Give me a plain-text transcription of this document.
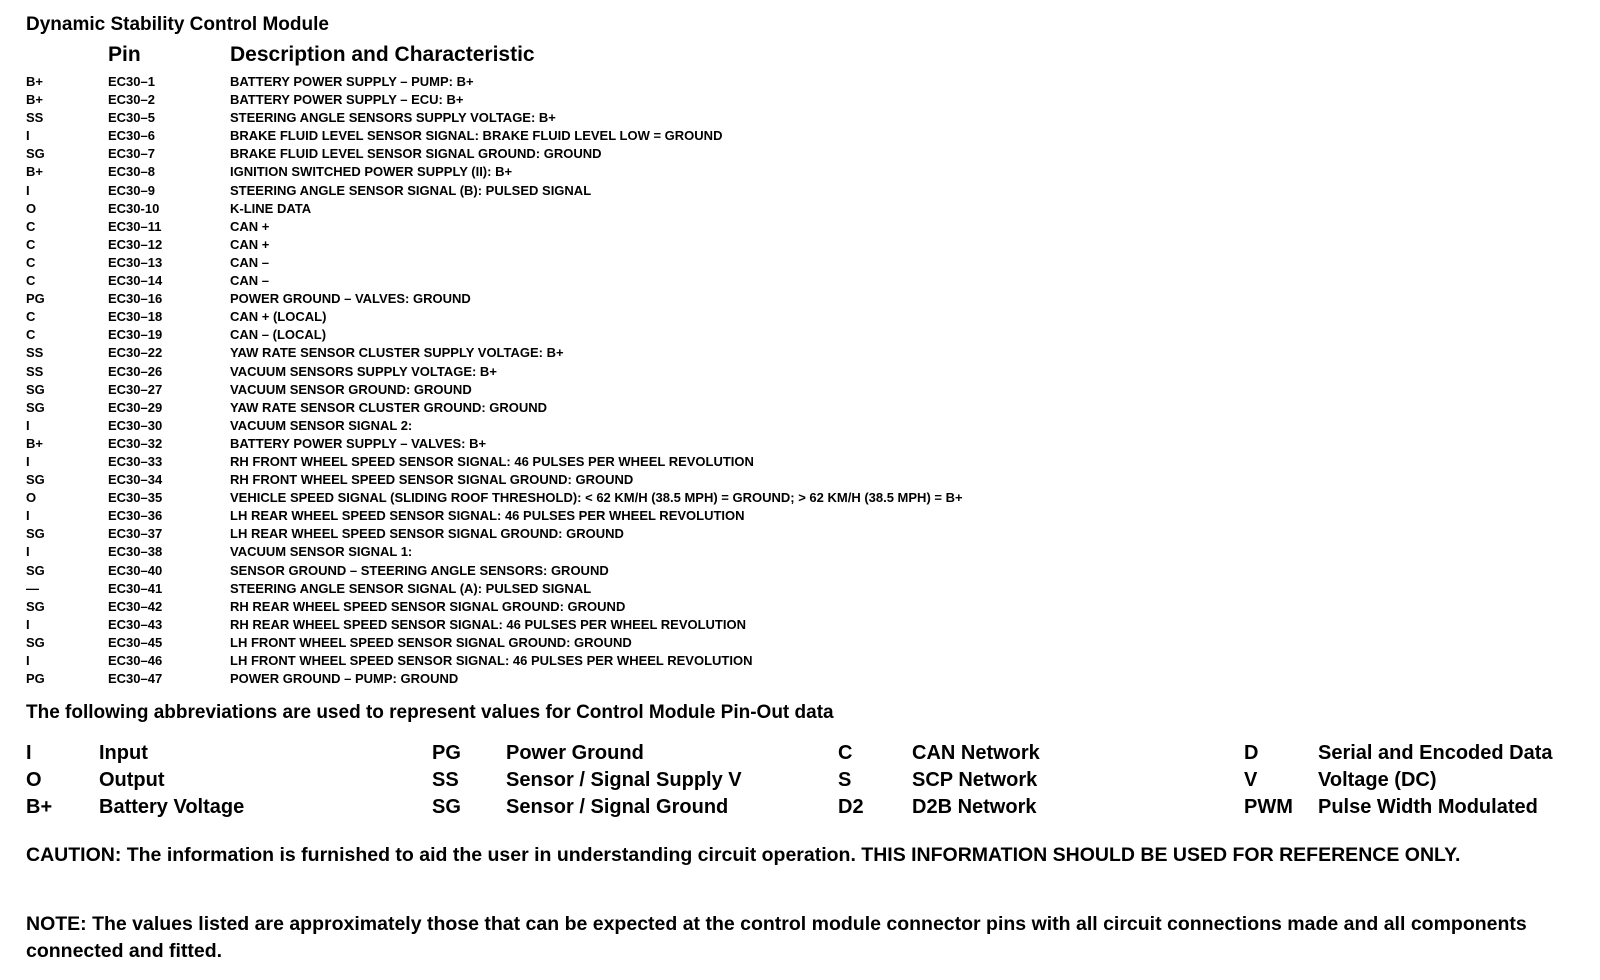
Dynamic Stability Control Module
Pin	Description and Characteristic
B+	EC30–1	BATTERY POWER SUPPLY – PUMP: B+
B+	EC30–2	BATTERY POWER SUPPLY – ECU: B+
SS	EC30–5	STEERING ANGLE SENSORS SUPPLY VOLTAGE: B+
I	EC30–6	BRAKE FLUID LEVEL SENSOR SIGNAL: BRAKE FLUID LEVEL LOW = GROUND
SG	EC30–7	BRAKE FLUID LEVEL SENSOR SIGNAL GROUND: GROUND
B+	EC30–8	IGNITION SWITCHED POWER SUPPLY (II): B+
I	EC30–9	STEERING ANGLE SENSOR SIGNAL (B): PULSED SIGNAL
O	EC30-10	K-LINE DATA
C	EC30–11	CAN +
C	EC30–12	CAN +
C	EC30–13	CAN –
C	EC30–14	CAN –
PG	EC30–16	POWER GROUND – VALVES: GROUND
C	EC30–18	CAN + (LOCAL)
C	EC30–19	CAN – (LOCAL)
SS	EC30–22	YAW RATE SENSOR CLUSTER SUPPLY VOLTAGE: B+
SS	EC30–26	VACUUM SENSORS SUPPLY VOLTAGE: B+
SG	EC30–27	VACUUM SENSOR GROUND: GROUND
SG	EC30–29	YAW RATE SENSOR CLUSTER GROUND: GROUND
I	EC30–30	VACUUM SENSOR SIGNAL 2:
B+	EC30–32	BATTERY POWER SUPPLY – VALVES: B+
I	EC30–33	RH FRONT WHEEL SPEED SENSOR SIGNAL: 46 PULSES PER WHEEL REVOLUTION
SG	EC30–34	RH FRONT WHEEL SPEED SENSOR SIGNAL GROUND: GROUND
O	EC30–35	VEHICLE SPEED SIGNAL (SLIDING ROOF THRESHOLD): < 62 KM/H (38.5 MPH) = GROUND; > 62 KM/H (38.5 MPH) = B+
I	EC30–36	LH REAR WHEEL SPEED SENSOR SIGNAL: 46 PULSES PER WHEEL REVOLUTION
SG	EC30–37	LH REAR WHEEL SPEED SENSOR SIGNAL GROUND: GROUND
I	EC30–38	VACUUM SENSOR SIGNAL 1:
SG	EC30–40	SENSOR GROUND – STEERING ANGLE SENSORS: GROUND
—	EC30–41	STEERING ANGLE SENSOR SIGNAL (A): PULSED SIGNAL
SG	EC30–42	RH REAR WHEEL SPEED SENSOR SIGNAL GROUND: GROUND
I	EC30–43	RH REAR WHEEL SPEED SENSOR SIGNAL: 46 PULSES PER WHEEL REVOLUTION
SG	EC30–45	LH FRONT WHEEL SPEED SENSOR SIGNAL GROUND: GROUND
I	EC30–46	LH FRONT WHEEL SPEED SENSOR SIGNAL: 46 PULSES PER WHEEL REVOLUTION
PG	EC30–47	POWER GROUND – PUMP: GROUND
The following abbreviations are used to represent values for Control Module Pin-Out data
I	Input	PG Power Ground	C	CAN Network	D	Serial and Encoded Data
O	Output	SS Sensor / Signal Supply V	S	SCP Network	V	Voltage (DC)
B+ Battery Voltage	SG Sensor / Signal Ground	D2 D2B Network	PWM Pulse Width Modulated
CAUTION: The information is furnished to aid the user in understanding circuit operation. THIS INFORMATION SHOULD BE USED FOR REFERENCE ONLY.
NOTE: The values listed are approximately those that can be expected at the control module connector pins with all circuit connections made and all components connected and fitted.
